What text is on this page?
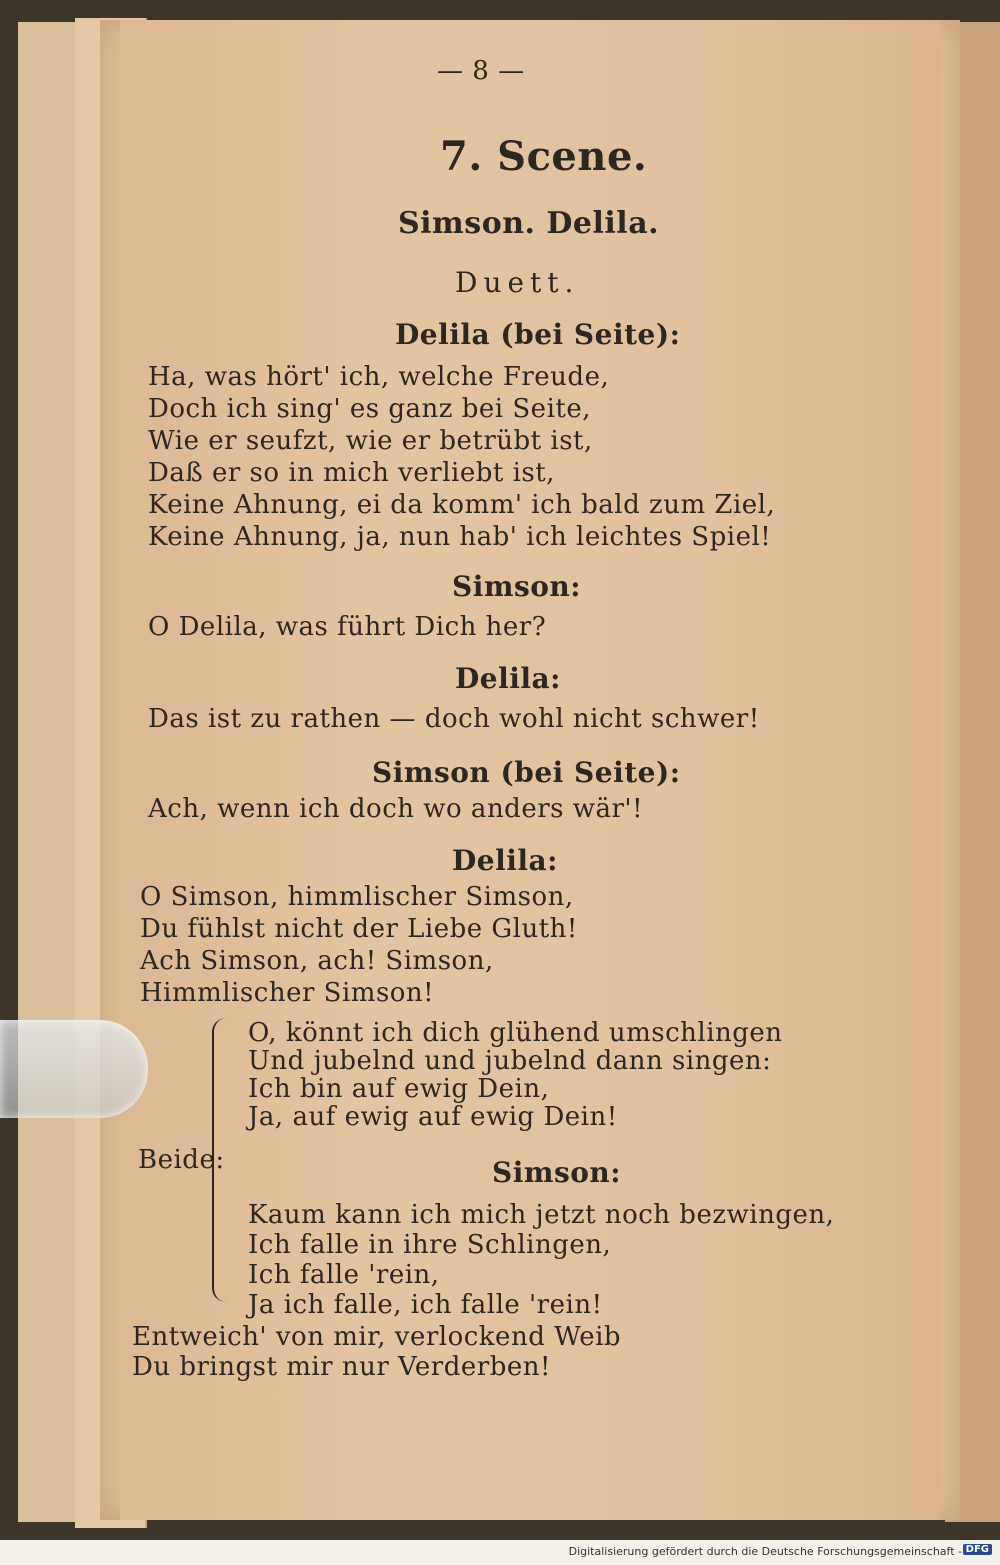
— 8 —
7. Scene.
Simson. Delila.
Duett.
Delila (bei Seite):
Ha, was hört' ich, welche Freude,
Doch ich sing' es ganz bei Seite,
Wie er seufzt, wie er betrübt ist,
Daß er so in mich verliebt ist,
Keine Ahnung, ei da komm' ich bald zum Ziel,
Keine Ahnung, ja, nun hab' ich leichtes Spiel!
Simson:
O Delila, was führt Dich her?
Delila:
Das ist zu rathen — doch wohl nicht schwer!
Simson (bei Seite):
Ach, wenn ich doch wo anders wär'!
Delila:
O Simson, himmlischer Simson,
Du fühlst nicht der Liebe Gluth!
Ach Simson, ach! Simson,
Himmlischer Simson!
Beide:
O, könnt ich dich glühend umschlingen
Und jubelnd und jubelnd dann singen:
Ich bin auf ewig Dein,
Ja, auf ewig auf ewig Dein!
Simson:
Kaum kann ich mich jetzt noch bezwingen,
Ich falle in ihre Schlingen,
Ich falle 'rein,
Ja ich falle, ich falle 'rein!
Entweich' von mir, verlockend Weib
Du bringst mir nur Verderben!
Digitalisierung gefördert durch die Deutsche Forschungsgemeinschaft - DFG
